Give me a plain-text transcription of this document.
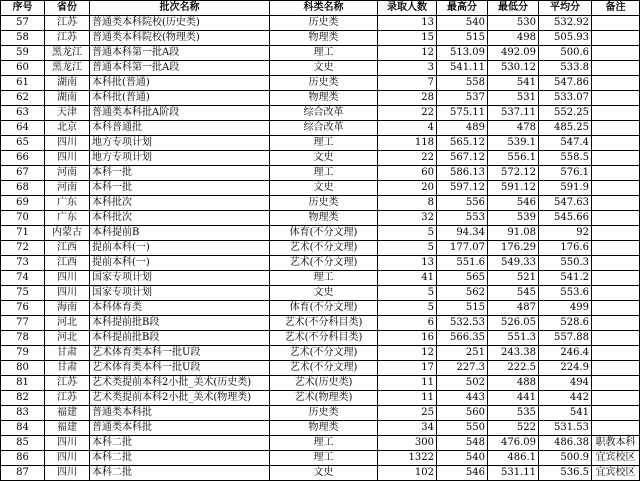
序号	省份	批次名称	科类名称	录取人数	最高分	最低分	平均分	备注
57	江苏	普通类本科院校(历史类)	历史类	13	540	530	532.92	
58	江苏	普通类本科院校(物理类)	物理类	15	515	498	505.93	
59	黑龙江	普通本科第一批A段	理工	12	513.09	492.09	500.6	
60	黑龙江	普通本科第一批A段	文史	3	541.11	530.12	533.8	
61	湖南	本科批(普通)	历史类	7	558	541	547.86	
62	湖南	本科批(普通)	物理类	28	537	531	533.07	
63	天津	普通类本科批A阶段	综合改革	22	575.11	537.11	552.25	
64	北京	本科普通批	综合改革	4	489	478	485.25	
65	四川	地方专项计划	理工	118	565.12	539.1	547.4	
66	四川	地方专项计划	文史	22	567.12	556.1	558.5	
67	河南	本科一批	理工	60	586.13	572.12	576.1	
68	河南	本科一批	文史	20	597.12	591.12	591.9	
69	广东	本科批次	历史类	8	556	546	547.63	
70	广东	本科批次	物理类	32	553	539	545.66	
71	内蒙古	本科提前B	体育(不分文理)	5	94.34	91.08	92	
72	江西	提前本科(一)	艺术(不分文理)	5	177.07	176.29	176.6	
73	江西	提前本科(一)	艺术(不分文理)	13	551.6	549.33	550.3	
74	四川	国家专项计划	理工	41	565	521	541.2	
75	四川	国家专项计划	文史	5	562	545	553.6	
76	海南	本科体育类	体育(不分文理)	5	515	487	499	
77	河北	本科提前批B段	艺术(不分科目类)	6	532.53	526.05	528.6	
78	河北	本科提前批B段	艺术(不分科目类)	16	566.35	551.3	557.88	
79	甘肃	艺术体育类本科一批U段	艺术(不分文理)	12	251	243.38	246.4	
80	甘肃	艺术体育类本科一批U段	艺术(不分文理)	17	227.3	222.5	224.9	
81	江苏	艺术类提前本科2小批_美术(历史类)	艺术(历史类)	11	502	488	494	
82	江苏	艺术类提前本科2小批_美术(物理类)	艺术(物理类)	11	443	441	442	
83	福建	普通类本科批	历史类	25	560	535	541	
84	福建	普通类本科批	物理类	34	550	522	531.53	
85	四川	本科二批	理工	300	548	476.09	486.38	职教本科
86	四川	本科二批	理工	1322	540	486.1	500.9	宜宾校区
87	四川	本科二批	文史	102	546	531.11	536.5	宜宾校区
